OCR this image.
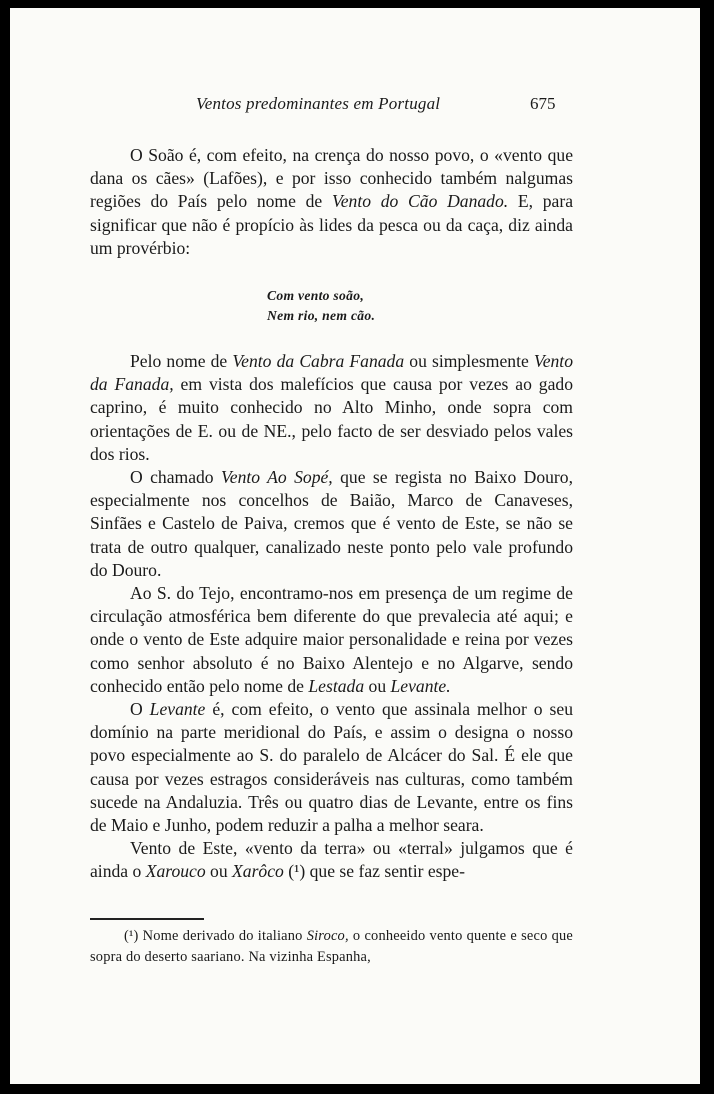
Ventos predominantes em Portugal	675

O Soão é, com efeito, na crença do nosso povo, o «vento que dana os cães» (Lafões), e por isso conhecido também nalgumas regiões do País pelo nome de Vento do Cão Danado. E, para significar que não é propício às lides da pesca ou da caça, diz ainda um provérbio:

Com vento soão,
Nem rio, nem cão.

Pelo nome de Vento da Cabra Fanada ou simplesmente Vento da Fanada, em vista dos malefícios que causa por vezes ao gado caprino, é muito conhecido no Alto Minho, onde sopra com orientações de E. ou de NE., pelo facto de ser desviado pelos vales dos rios.

O chamado Vento Ao Sopé, que se regista no Baixo Douro, especialmente nos concelhos de Baião, Marco de Canaveses, Sinfães e Castelo de Paiva, cremos que é vento de Este, se não se trata de outro qualquer, canalizado neste ponto pelo vale profundo do Douro.

Ao S. do Tejo, encontramo-nos em presença de um regime de circulação atmosférica bem diferente do que prevalecia até aqui; e onde o vento de Este adquire maior personalidade e reina por vezes como senhor absoluto é no Baixo Alentejo e no Algarve, sendo conhecido então pelo nome de Lestada ou Levante.

O Levante é, com efeito, o vento que assinala melhor o seu domínio na parte meridional do País, e assim o designa o nosso povo especialmente ao S. do paralelo de Alcácer do Sal. É ele que causa por vezes estragos consideráveis nas culturas, como também sucede na Andaluzia. Três ou quatro dias de Levante, entre os fins de Maio e Junho, podem reduzir a palha a melhor seara.

Vento de Este, «vento da terra» ou «terral» julgamos que é ainda o Xarouco ou Xarôco (¹) que se faz sentir espe-

(¹) Nome derivado do italiano Siroco, o conheeido vento quente e seco que sopra do deserto saariano. Na vizinha Espanha,
